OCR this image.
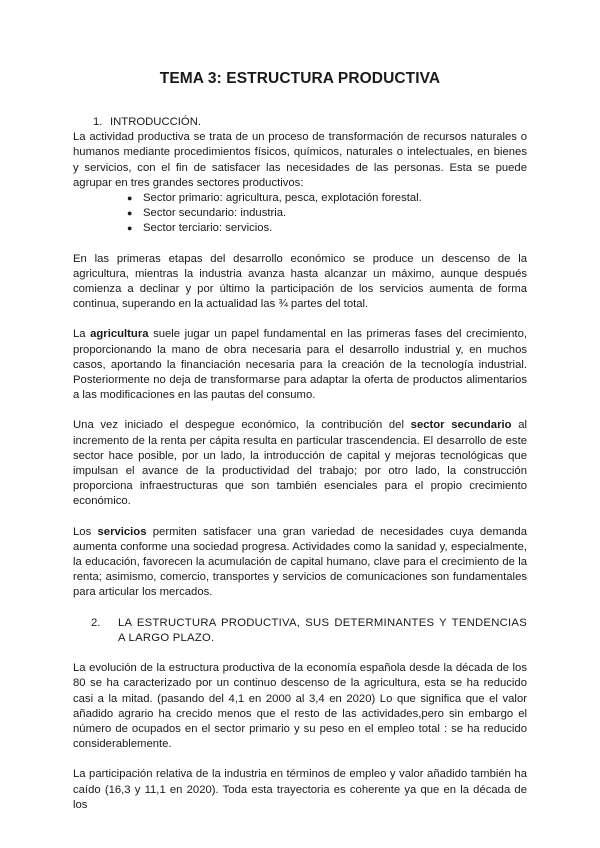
TEMA 3: ESTRUCTURA PRODUCTIVA
1. INTRODUCCIÓN.

La actividad productiva se trata de un proceso de transformación de recursos naturales o humanos mediante procedimientos físicos, químicos, naturales o intelectuales, en bienes y servicios, con el fin de satisfacer las necesidades de las personas. Esta se puede agrupar en tres grandes sectores productivos:

● Sector primario: agricultura, pesca, explotación forestal.
● Sector secundario: industria.
● Sector terciario: servicios.

En las primeras etapas del desarrollo económico se produce un descenso de la agricultura, mientras la industria avanza hasta alcanzar un máximo, aunque después comienza a declinar y por último la participación de los servicios aumenta de forma continua, superando en la actualidad las ¾ partes del total.

La agricultura suele jugar un papel fundamental en las primeras fases del crecimiento, proporcionando la mano de obra necesaria para el desarrollo industrial y, en muchos casos, aportando la financiación necesaria para la creación de la tecnología industrial. Posteriormente no deja de transformarse para adaptar la oferta de productos alimentarios a las modificaciones en las pautas del consumo.

Una vez iniciado el despegue económico, la contribución del sector secundario al incremento de la renta per cápita resulta en particular trascendencia. El desarrollo de este sector hace posible, por un lado, la introducción de capital y mejoras tecnológicas que impulsan el avance de la productividad del trabajo; por otro lado, la construcción proporciona infraestructuras que son también esenciales para el propio crecimiento económico.

Los servicios permiten satisfacer una gran variedad de necesidades cuya demanda aumenta conforme una sociedad progresa. Actividades como la sanidad y, especialmente, la educación, favorecen la acumulación de capital humano, clave para el crecimiento de la renta; asimismo, comercio, transportes y servicios de comunicaciones son fundamentales para articular los mercados.

2.	LA ESTRUCTURA PRODUCTIVA, SUS DETERMINANTES Y TENDENCIAS A LARGO PLAZO.

La evolución de la estructura productiva de la economía española desde la década de los 80 se ha caracterizado por un continuo descenso de la agricultura, esta se ha reducido casi a la mitad. (pasando del 4,1 en 2000 al 3,4 en 2020) Lo que significa que el valor añadido agrario ha crecido menos que el resto de las actividades,pero sin embargo el número de ocupados en el sector primario y su peso en el empleo total : se ha reducido considerablemente.

La participación relativa de la industria en términos de empleo y valor añadido también ha caído (16,3 y 11,1 en 2020). Toda esta trayectoria es coherente ya que en la década de los
